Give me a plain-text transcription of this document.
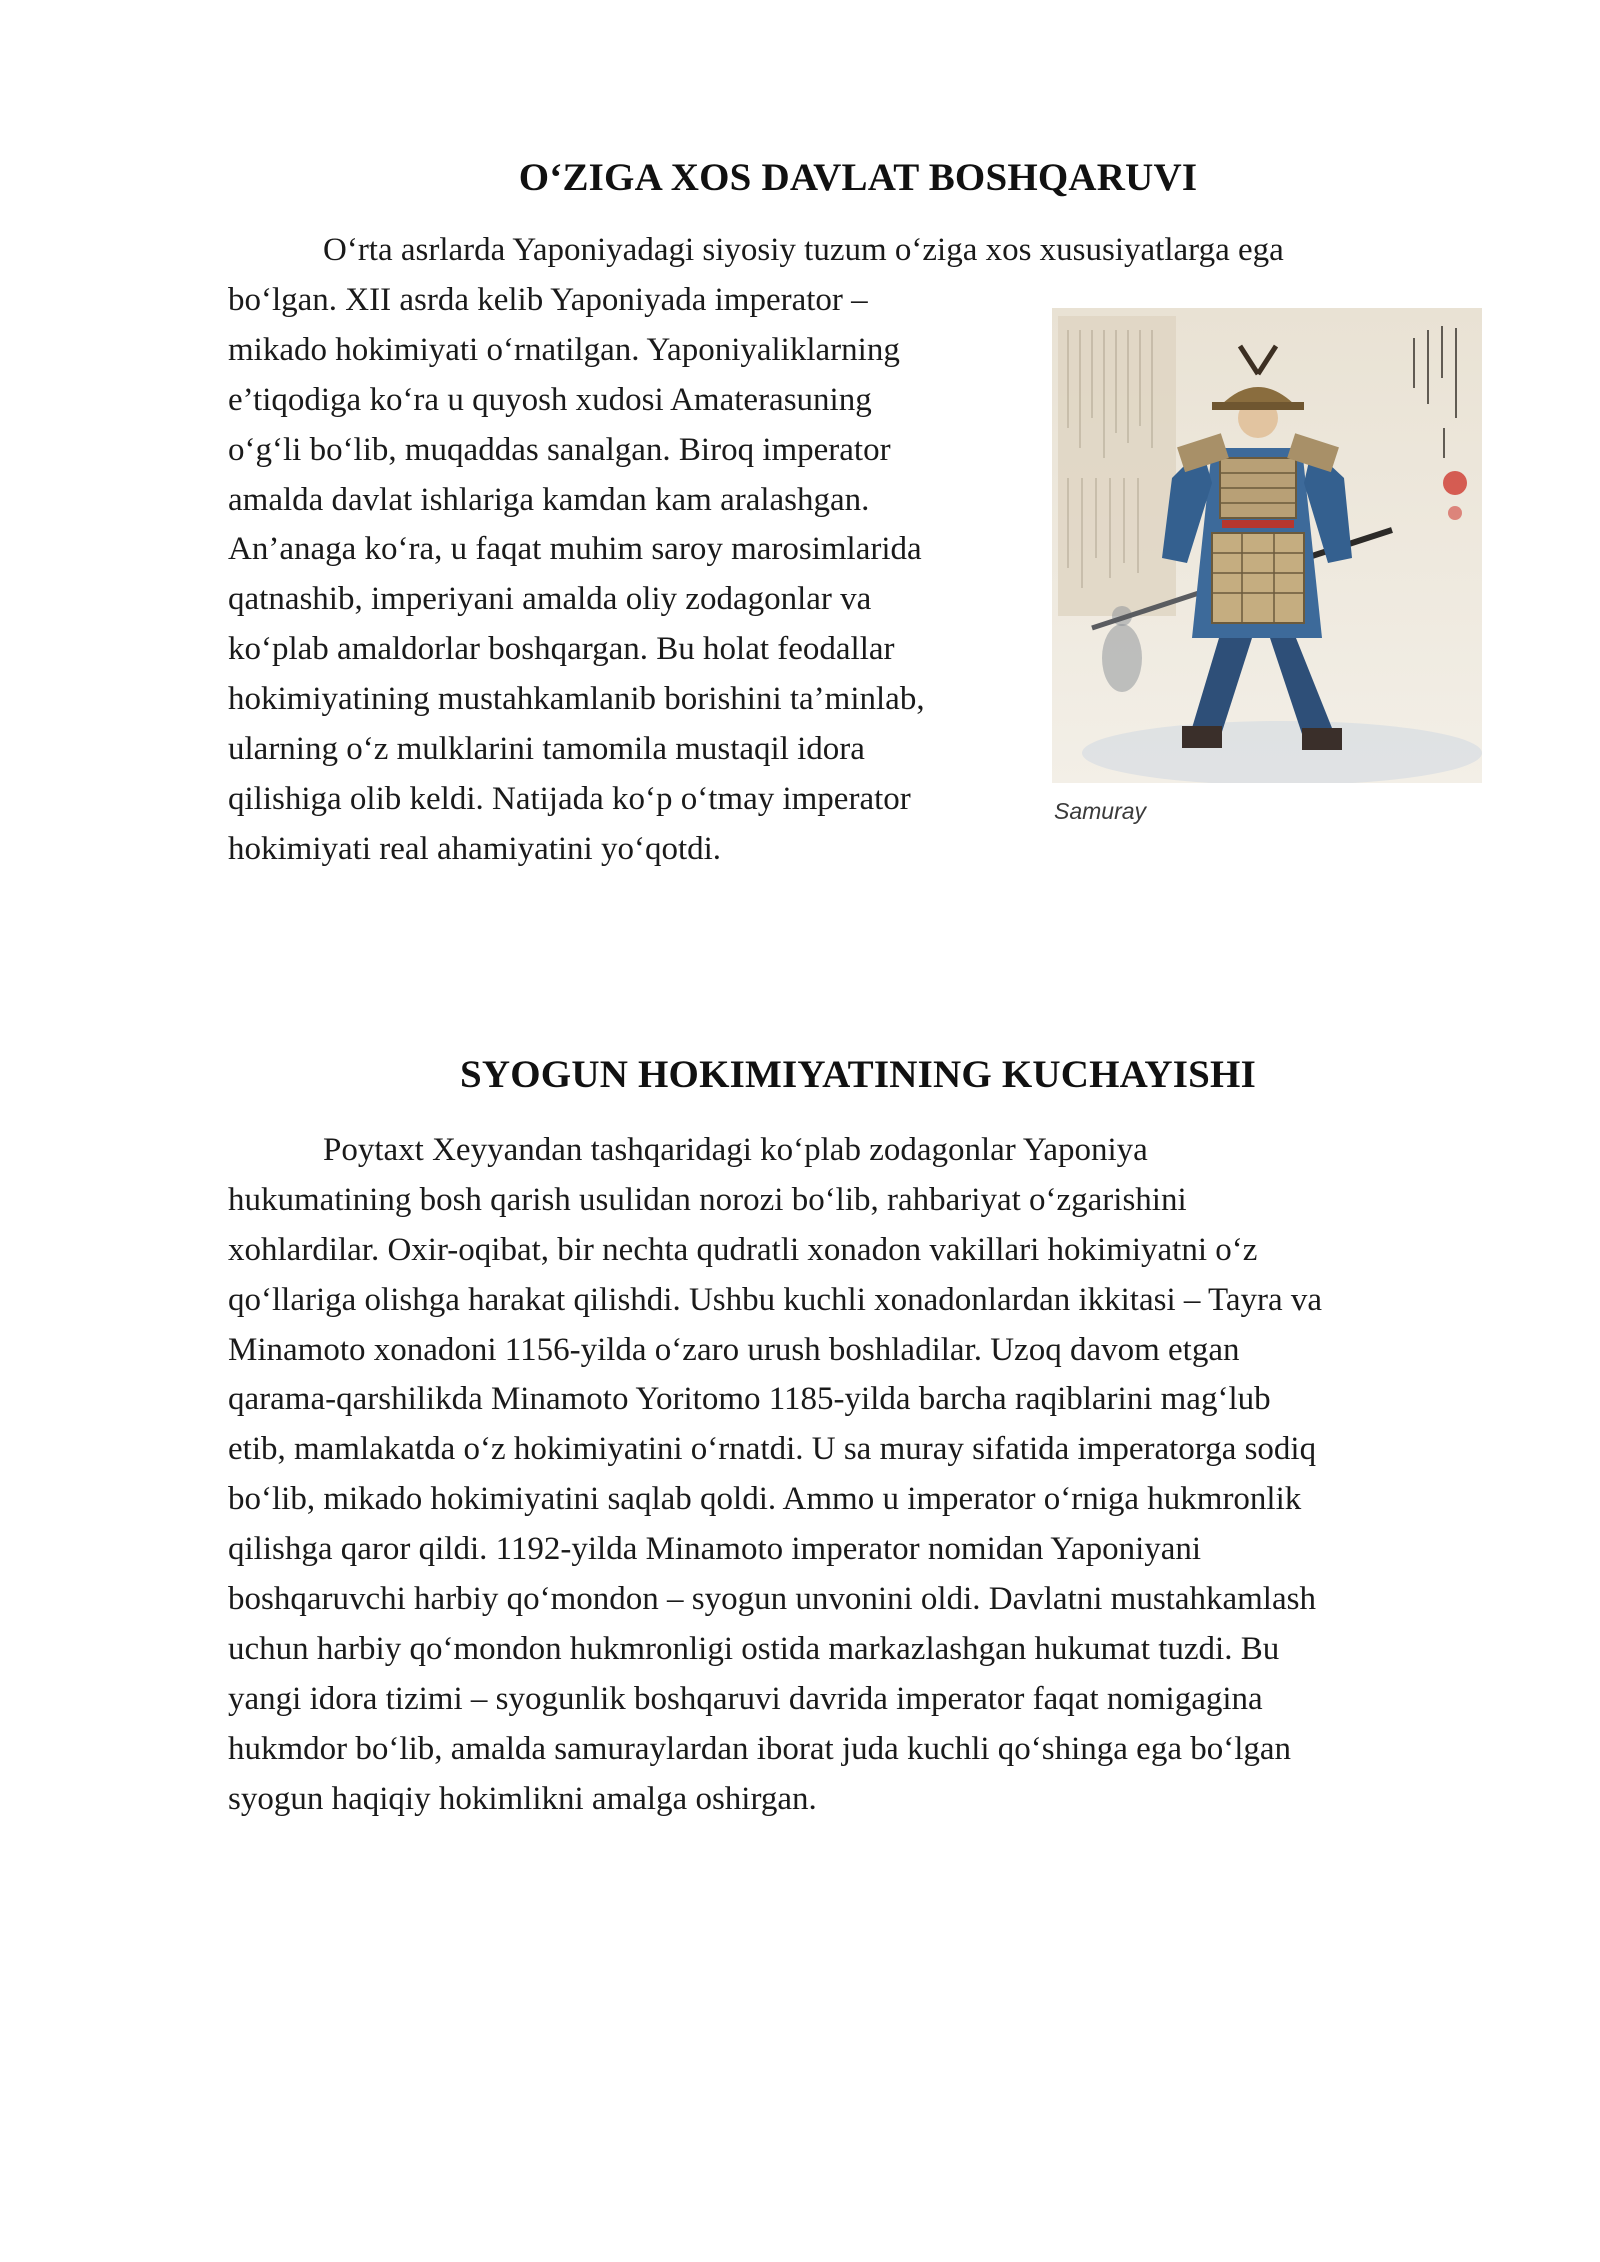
O‘ZIGA XOS DAVLAT BOSHQARUVI

O‘rta asrlarda Yaponiyadagi siyosiy tuzum o‘ziga xos xususiyatlarga ega

bo‘lgan. XII asrda kelib Yaponiyada imperator –
mikado hokimiyati o‘rnatilgan. Yaponiyaliklarning
e’tiqodiga ko‘ra u quyosh xudosi Amaterasuning
o‘g‘li bo‘lib, muqaddas sanalgan. Biroq imperator
amalda davlat ishlariga kamdan kam aralashgan.
An’anaga ko‘ra, u faqat muhim saroy marosimlarida
qatnashib, imperiyani amalda oliy zodagonlar va
ko‘plab amaldorlar boshqargan. Bu holat feodallar
hokimiyatining mustahkamlanib borishini ta’minlab,
ularning o‘z mulklarini tamomila mustaqil idora
qilishiga olib keldi. Natijada ko‘p o‘tmay imperator
hokimiyati real ahamiyatini yo‘qotdi.

Samuray
SYOGUN HOKIMIYATINING KUCHAYISHI

Poytaxt Xeyyandan tashqaridagi ko‘plab zodagonlar Yaponiya
hukumatining bosh qarish usulidan norozi bo‘lib, rahbariyat o‘zgarishini
xohlardilar. Oxir-oqibat, bir nechta qudratli xonadon vakillari hokimiyatni o‘z
qo‘llariga olishga harakat qilishdi. Ushbu kuchli xonadonlardan ikkitasi – Tayra va
Minamoto xonadoni 1156-yilda o‘zaro urush boshladilar. Uzoq davom etgan
qarama-qarshilikda Minamoto Yoritomo 1185-yilda barcha raqiblarini mag‘lub
etib, mamlakatda o‘z hokimiyatini o‘rnatdi. U sa muray sifatida imperatorga sodiq
bo‘lib, mikado hokimiyatini saqlab qoldi. Ammo u imperator o‘rniga hukmronlik
qilishga qaror qildi. 1192-yilda Minamoto imperator nomidan Yaponiyani
boshqaruvchi harbiy qo‘mondon – syogun unvonini oldi. Davlatni mustahkamlash
uchun harbiy qo‘mondon hukmronligi ostida markazlashgan hukumat tuzdi. Bu
yangi idora tizimi – syogunlik boshqaruvi davrida imperator faqat nomigagina
hukmdor bo‘lib, amalda samuraylardan iborat juda kuchli qo‘shinga ega bo‘lgan
syogun haqiqiy hokimlikni amalga oshirgan.
